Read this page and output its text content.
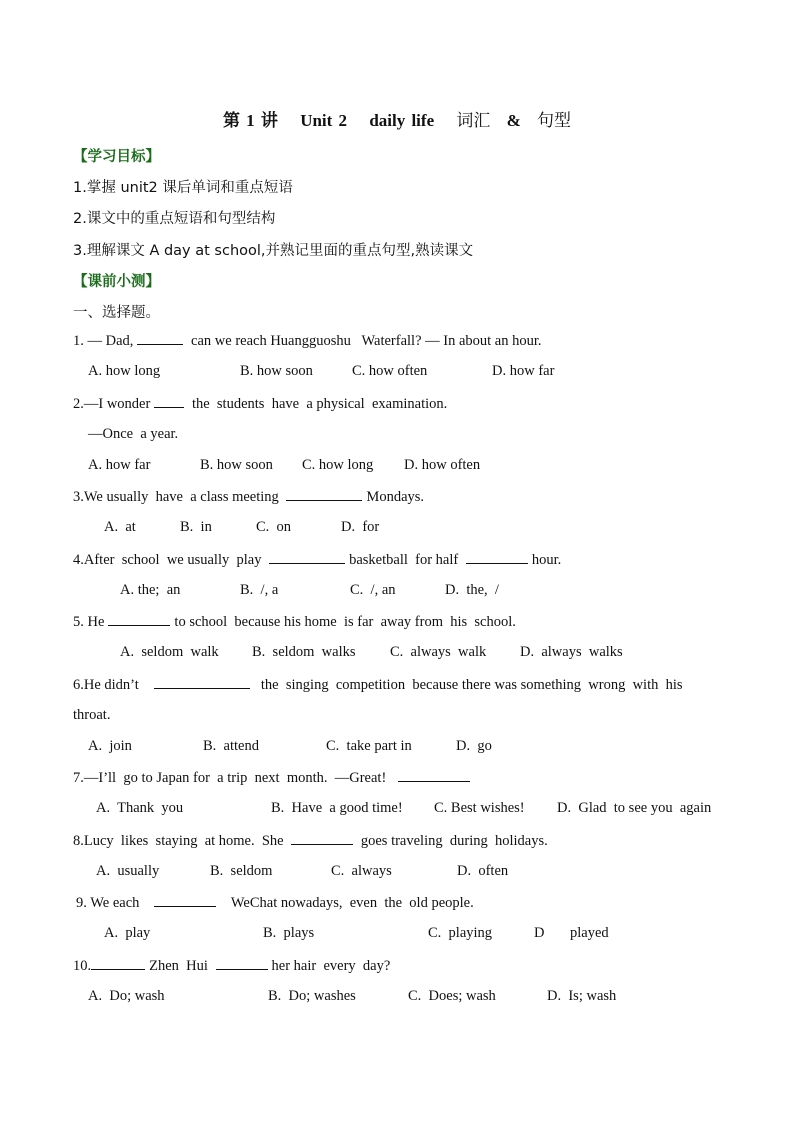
第 1 讲 Unit 2 daily life 词汇 & 句型
【学习目标】
1.掌握 unit2 课后单词和重点短语
2.课文中的重点短语和句型结构
3.理解课文 A day at school,并熟记里面的重点句型,熟读课文
【课前小测】
一、选择题。
1. — Dad,	can we reach Huangguoshu   Waterfall? — In about an hour.
A. how long	B. how soon	C. how often	D. how far
2.—I wonder	the  students  have  a physical  examination.
—Once  a year.
A. how far	B. how soon C. how long D. how often
3.We usually  have  a class meeting	Mondays.
A.  at	B.  in	C.  on	D.  for
4.After  school  we usually  play	basketball  for half	hour.
A. the;  an	B.  /, a	C.  /, an	D.  the,  /
5. He	to school  because his home  is far  away from  his  school.
A.  seldom  walk B.  seldom  walks C.  always  walk D.  always  walks
6.He didn’t	the  singing  competition  because there was something  wrong  with  his
throat.
A.  join	B.  attend	C.  take part in	D.  go
7.—I’ll  go to Japan for  a trip  next  month.  —Great!
A.  Thank  you	B.  Have  a good time! C. Best wishes! D.  Glad  to see you  again
8.Lucy  likes  staying  at home.  She	goes traveling  during  holidays.
A.  usually	B.  seldom	C.  always	D.  often
9. We each	WeChat nowadays,  even  the  old people.
A.  play	B.  plays	C.  playing	D played
10.	Zhen  Hui	her hair  every  day?
A.  Do; wash	B.  Do; washes	C.  Does; wash	D.  Is; wash
